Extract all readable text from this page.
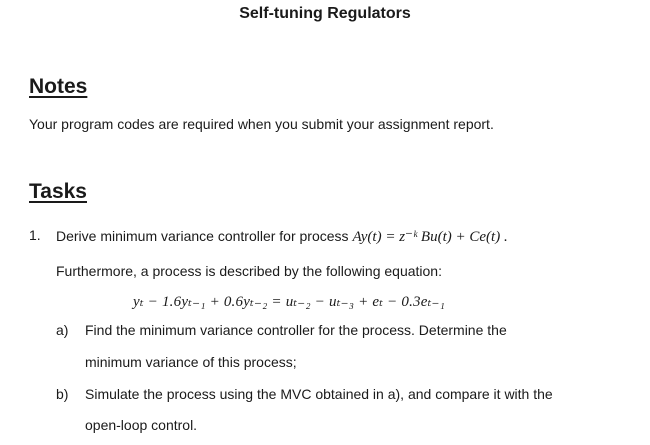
Self-tuning Regulators
Notes
Your program codes are required when you submit your assignment report.
Tasks
1. Derive minimum variance controller for process Ay(t) = z⁻ᵏ Bu(t) + Ce(t) .
Furthermore, a process is described by the following equation:
yₜ − 1.6yₜ₋₁ + 0.6yₜ₋₂ = uₜ₋₂ − uₜ₋₃ + eₜ − 0.3eₜ₋₁
a) Find the minimum variance controller for the process. Determine the
minimum variance of this process;
b) Simulate the process using the MVC obtained in a), and compare it with the
open-loop control.
